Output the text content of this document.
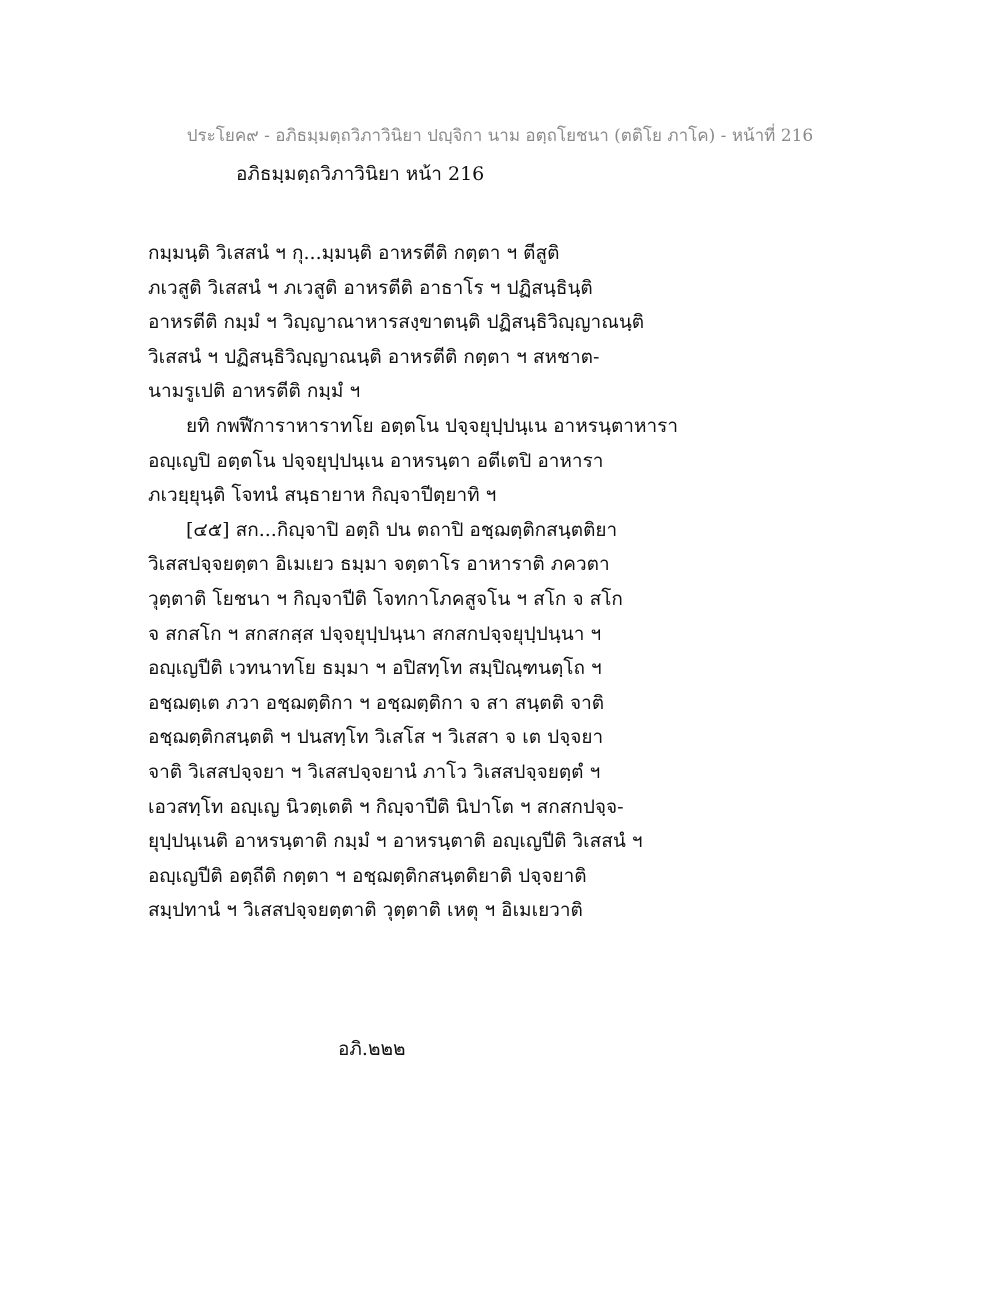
ประโยค๙ - อภิธมฺมตฺถวิภาวินิยา ปญฺจิกา นาม อตฺถโยชนา (ตติโย ภาโค) - หน้าที่ 216
อภิธมฺมตฺถวิภาวินิยา หน้า 216
กมฺมนฺติ วิเสสนํ ฯ กุ...มฺมนฺติ อาหรตีติ กตฺตา ฯ ตีสูติ
ภเวสูติ วิเสสนํ ฯ ภเวสูติ อาหรตีติ อาธาโร ฯ ปฏิสนฺธินฺติ
อาหรตีติ กมฺมํ ฯ วิญฺญาณาหารสงฺขาตนฺติ ปฏิสนฺธิวิญฺญาณนฺติ
วิเสสนํ ฯ ปฏิสนฺธิวิญฺญาณนฺติ อาหรตีติ กตฺตา ฯ สหชาต-
นามรูเปติ อาหรตีติ กมฺมํ ฯ
ยทิ กพฬีการาหาราทโย อตฺตโน ปจฺจยุปฺปนฺเน อาหรนฺตาหารา
อญฺเญปิ อตฺตโน ปจฺจยุปฺปนฺเน อาหรนฺตา อตีเตปิ อาหารา
ภเวยฺยุนฺติ โจทนํ สนฺธายาห กิญฺจาปีตฺยาทิ ฯ
[๔๕] สก...กิญฺจาปิ อตฺถิ ปน ตถาปิ อชฺฌตฺติกสนฺตติยา
วิเสสปจฺจยตฺตา อิเมเยว ธมฺมา จตฺตาโร อาหาราติ ภควตา
วุตฺตาติ โยชนา ฯ กิญฺจาปีติ โจทกาโภคสูจโน ฯ สโก จ สโก
จ สกสโก ฯ สกสกสฺส ปจฺจยุปฺปนฺนา สกสกปจฺจยุปฺปนฺนา ฯ
อญฺเญปีติ เวทนาทโย ธมฺมา ฯ อปิสทฺโท สมฺปิณฺฑนตฺโถ ฯ
อชฺฌตฺเต ภวา อชฺฌตฺติกา ฯ อชฺฌตฺติกา จ สา สนฺตติ จาติ
อชฺฌตฺติกสนฺตติ ฯ ปนสทฺโท วิเสโส ฯ วิเสสา จ เต ปจฺจยา
จาติ วิเสสปจฺจยา ฯ วิเสสปจฺจยานํ ภาโว วิเสสปจฺจยตฺตํ ฯ
เอวสทฺโท อญฺเญ นิวตฺเตติ ฯ กิญฺจาปีติ นิปาโต ฯ สกสกปจฺจ-
ยุปฺปนฺเนติ อาหรนฺตาติ กมฺมํ ฯ อาหรนฺตาติ อญฺเญปีติ วิเสสนํ ฯ
อญฺเญปีติ อตฺถีติ กตฺตา ฯ อชฺฌตฺติกสนฺตติยาติ ปจฺจยาติ
สมฺปทานํ ฯ วิเสสปจฺจยตฺตาติ วุตฺตาติ เหตุ ฯ อิเมเยวาติ
อภิ.๒๒๒
